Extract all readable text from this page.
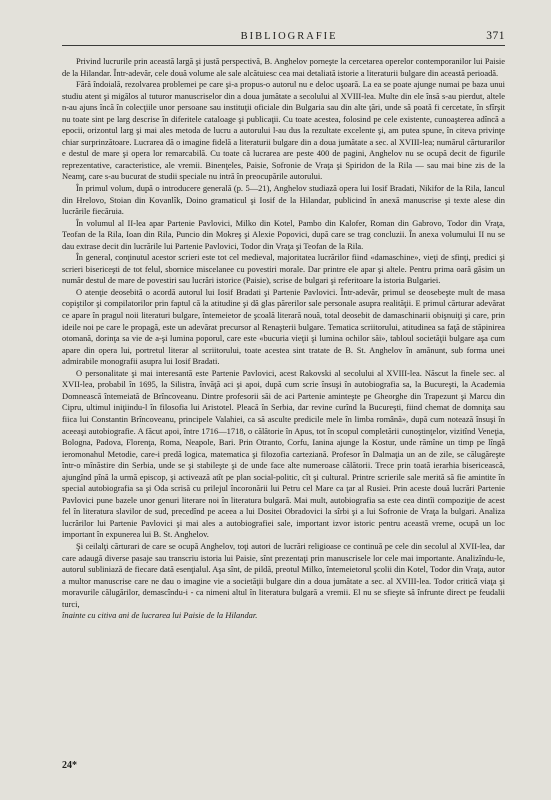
BIBLIOGRAFIE	371

Privind lucrurile prin această largă şi justă perspectivă, B. Anghelov porneşte la cercetarea operelor contemporanilor lui Paisie de la Hilandar. Într-adevăr, cele două volume ale sale alcătuiesc cea mai detaliată istorie a literaturii bulgare din această perioadă.

Fără îndoială, rezolvarea problemei pe care şi-a propus-o autorul nu e deloc uşoară. La ea se poate ajunge numai pe baza unui studiu atent şi migălos al tuturor manuscriselor din a doua jumătate a secolului al XVIII-lea. Multe din ele însă s-au pierdut, altele n-au ajuns încă în colecţiile unor persoane sau instituţii oficiale din Bulgaria sau din alte ţări, unde să poată fi cercetate, în sfîrşit nu toate sint pe larg descrise în diferitele cataloage şi publicaţii. Cu toate acestea, folosind pe cele existente, cunoaşterea adîncă a epocii, orizontul larg şi mai ales metoda de lucru a autorului l-au dus la rezultate excelente şi, am putea spune, în citeva privinţe chiar surprinzătoare. Lucrarea dă o imagine fidelă a literaturii bulgare din a doua jumătate a sec. al XVIII-lea; numărul cărturarilor e destul de mare şi opera lor remarcabilă. Cu toate că lucrarea are peste 400 de pagini, Anghelov nu se ocupă decit de figurile reprezentative, caracteristice, ale vremii. Binenţeles, Paisie, Sofronie de Vraţa şi Spiridon de la Rila — sau mai bine zis de la Neamţ, care s-au bucurat de studii speciale nu intră în preocupările autorului.

În primul volum, după o introducere generală (p. 5—21), Anghelov studiază opera lui Iosif Bradati, Nikifor de la Rila, Iancul din Hrelovo, Stoian din Kovanlîk, Doino gramaticul şi Iosif de la Hilandar, publicind în anexă manuscrise şi texte alese din lucrările fiecăruia.

În volumul al II-lea apar Partenie Pavlovici, Milko din Kotel, Pambo din Kalofer, Roman din Gabrovo, Todor din Vraţa, Teofan de la Rila, Ioan din Rila, Puncio din Mokreş şi Alexie Popovici, după care se trag concluzii. În anexa volumului II nu se dau extrase decit din lucrările lui Partenie Pavlovici, Todor din Vraţa şi Teofan de la Rila.

În general, conţinutul acestor scrieri este tot cel medieval, majoritatea lucrărilor fiind «damaschine», vieţi de sfinţi, predici şi scrieri bisericeşti de tot felul, sbornice miscelanee cu povestiri morale. Dar printre ele apar şi altele. Pentru prima oară găsim un număr destul de mare de povestiri sau lucrări istorice (Paisie), scrise de bulgari şi referitoare la istoria Bulgariei.

O atenţie deosebită o acordă autorul lui Iosif Bradati şi Partenie Pavlovici. Într-adevăr, primul se deosebeşte mult de masa copiştilor şi compilatorilor prin faptul că la atitudine şi dă glas părerilor sale personale asupra realităţii. E primul cărturar adevărat ce apare în pragul noii literaturi bulgare, întemeietor de şcoală literară nouă, total deosebit de damaschinarii obişnuiţi şi care, prin ideile noi pe care le propagă, este un adevărat precursor al Renaşterii bulgare. Tematica scriitorului, atitudinea sa faţă de stăpinirea otomană, dorinţa sa vie de a-şi lumina poporul, care este «bucuria vieţii şi lumina ochilor săi», tabloul societăţii bulgare aşa cum apare din opera lui, portretul literar al scriitorului, toate acestea sint tratate de B. St. Anghelov în amănunt, sub forma unei admirabile monografii asupra lui Iosif Bradati.

O personalitate şi mai interesantă este Partenie Pavlovici, acest Rakovski al secolului al XVIII-lea. Născut la finele sec. al XVII-lea, probabil în 1695, la Silistra, învăţă aci şi apoi, după cum scrie însuşi în autobiografia sa, la Bucureşti, la Academia Domnească întemeiată de Brîncoveanu. Dintre profesorii săi de aci Partenie aminteşte pe Gheorghe din Trapezunt şi Marcu din Cipru, ultimul iniţiindu-l în filosofia lui Aristotel. Pleacă în Serbia, dar revine curînd la Bucureşti, fiind chemat de domniţa sau fiica lui Constantin Brîncoveanu, principele Valahiei, ca să asculte predicile mele în limba română», după cum notează însuşi în aceeaşi autobiografie. A făcut apoi, între 1716—1718, o călătorie în Apus, tot în scopul completării cunoştinţelor, vizitînd Veneţia, Bologna, Padova, Florenţa, Roma, Neapole, Bari. Prin Otranto, Corfu, Ianina ajunge la Kostur, unde rămîne un timp pe lîngă ieromonahul Metodie, care-i predă logica, matematica şi filozofia carteziană. Profesor în Dalmaţia un an de zile, se călugăreşte într-o mînăstire din Serbia, unde se şi stabileşte şi de unde face alte numeroase călătorii. Trece prin toată ierarhia bisericească, ajungînd pînă la urmă episcop, şi activează atît pe plan social-politic, cît şi cultural. Printre scrierile sale merită să fie amintite în special autobiografia sa şi Oda scrisă cu prilejul încoronării lui Petru cel Mare ca ţar al Rusiei. Prin aceste două lucrări Partenie Pavlovici pune bazele unor genuri literare noi în literatura bulgară. Mai mult, autobiografia sa este cea dintîi compoziţie de acest fel în literatura slavilor de sud, precedînd pe aceea a lui Dositei Obradovici la sîrbi şi a lui Sofronie de Vraţa la bulgari. Analiza lucrărilor lui Partenie Pavlovici şi mai ales a autobiografiei sale, important izvor istoric pentru această vreme, ocupă un loc important în expunerea lui B. St. Anghelov.

Şi ceilalţi cărturari de care se ocupă Anghelov, toţi autori de lucrări religioase ce continuă pe cele din secolul al XVII-lea, dar care adaugă diverse pasaje sau transcriu istoria lui Paisie, sînt prezentaţi prin manuscrisele lor cele mai importante. Analizîndu-le, autorul subliniază de fiecare dată esenţialul. Aşa sînt, de pildă, preotul Milko, întemeietorul şcolii din Kotel, Todor din Vraţa, autor a multor manuscrise care ne dau o imagine vie a societăţii bulgare din a doua jumătate a sec. al XVIII-lea. Todor critică viaţa şi moravurile călugărilor, demascîndu-i - ca nimeni altul în literatura bulgară a vremii. El nu se sfieşte să înfrunte direct pe feudalii turci,

înainte cu citiva ani de lucrarea lui Paisie de la Hilandar.

24*
